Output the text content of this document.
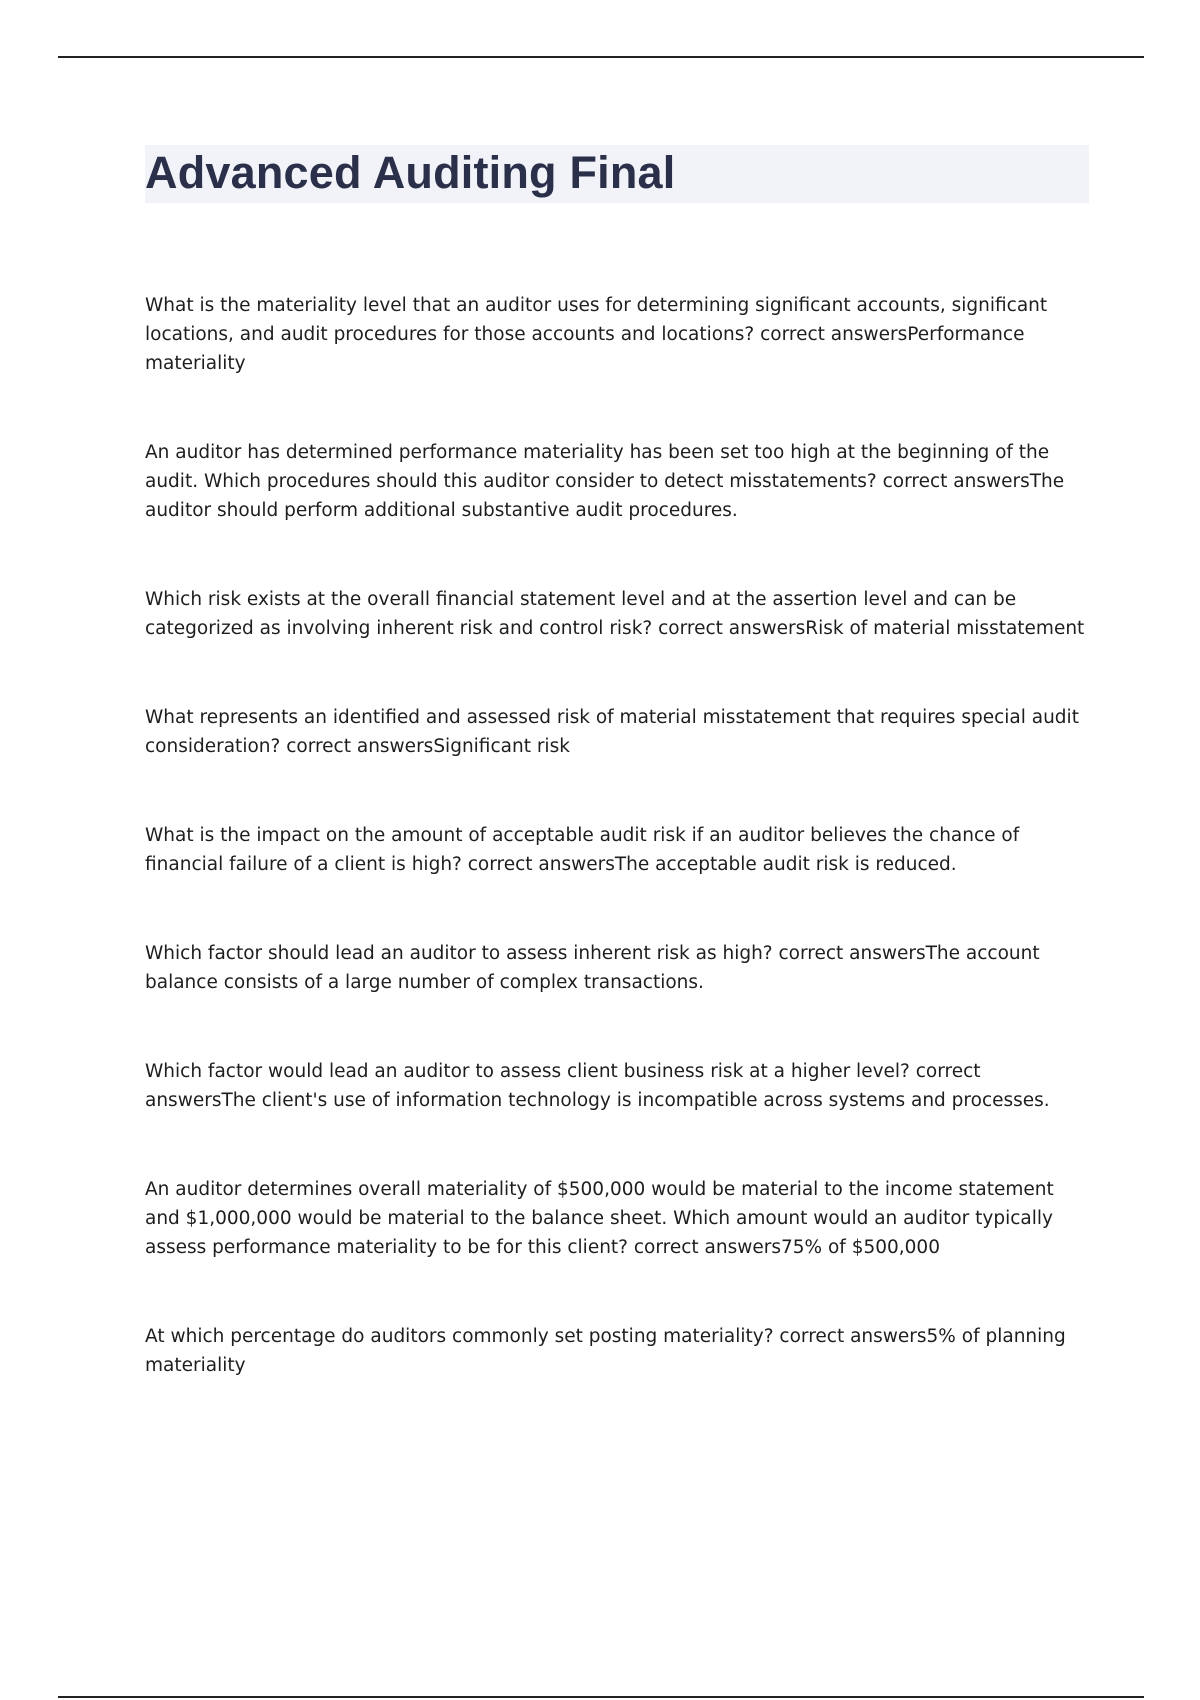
Advanced Auditing Final
What is the materiality level that an auditor uses for determining significant accounts, significant locations, and audit procedures for those accounts and locations? correct answersPerformance materiality
An auditor has determined performance materiality has been set too high at the beginning of the audit. Which procedures should this auditor consider to detect misstatements? correct answersThe auditor should perform additional substantive audit procedures.
Which risk exists at the overall financial statement level and at the assertion level and can be categorized as involving inherent risk and control risk? correct answersRisk of material misstatement
What represents an identified and assessed risk of material misstatement that requires special audit consideration? correct answersSignificant risk
What is the impact on the amount of acceptable audit risk if an auditor believes the chance of financial failure of a client is high? correct answersThe acceptable audit risk is reduced.
Which factor should lead an auditor to assess inherent risk as high? correct answersThe account balance consists of a large number of complex transactions.
Which factor would lead an auditor to assess client business risk at a higher level? correct answersThe client's use of information technology is incompatible across systems and processes.
An auditor determines overall materiality of $500,000 would be material to the income statement and $1,000,000 would be material to the balance sheet. Which amount would an auditor typically assess performance materiality to be for this client? correct answers75% of $500,000
At which percentage do auditors commonly set posting materiality? correct answers5% of planning materiality
